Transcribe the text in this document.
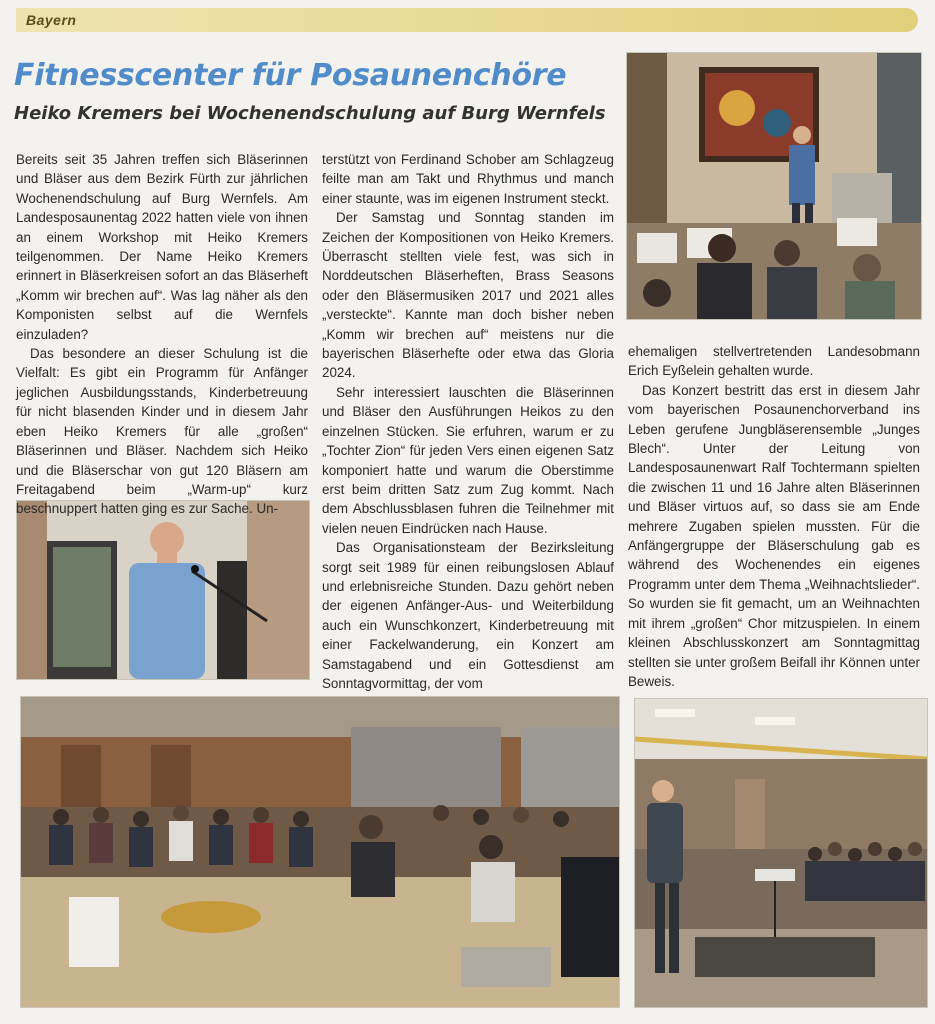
Bayern
Fitnesscenter für Posaunenchöre
Heiko Kremers bei Wochenendschulung auf Burg Wernfels

Bereits seit 35 Jahren treffen sich Bläserinnen und Bläser aus dem Bezirk Fürth zur jährlichen Wochenendschulung auf Burg Wernfels. Am Landesposaunentag 2022 hatten viele von ihnen an einem Workshop mit Heiko Kremers teilgenommen. Der Name Heiko Kremers erinnert in Bläserkreisen sofort an das Bläserheft „Komm wir brechen auf“. Was lag näher als den Komponisten selbst auf die Wernfels einzuladen?

Das besondere an dieser Schulung ist die Vielfalt: Es gibt ein Programm für Anfänger jeglichen Ausbildungsstands, Kinderbetreuung für nicht blasenden Kinder und in diesem Jahr eben Heiko Kremers für alle „großen“ Bläserinnen und Bläser. Nachdem sich Heiko und die Bläserschar von gut 120 Bläsern am Freitagabend beim „Warm-up“ kurz beschnuppert hatten ging es zur Sache. Un-

terstützt von Ferdinand Schober am Schlagzeug feilte man am Takt und Rhythmus und manch einer staunte, was im eigenen Instrument steckt.

Der Samstag und Sonntag standen im Zeichen der Kompositionen von Heiko Kremers. Überrascht stellten viele fest, was sich in Norddeutschen Bläserheften, Brass Seasons oder den Bläsermusiken 2017 und 2021 alles „versteckte“. Kannte man doch bisher neben „Komm wir brechen auf“ meistens nur die bayerischen Bläserhefte oder etwa das Gloria 2024.

Sehr interessiert lauschten die Bläserinnen und Bläser den Ausführungen Heikos zu den einzelnen Stücken. Sie erfuhren, warum er zu „Tochter Zion“ für jeden Vers einen eigenen Satz komponiert hatte und warum die Oberstimme erst beim dritten Satz zum Zug kommt. Nach dem Abschlussblasen fuhren die Teilnehmer mit vielen neuen Eindrücken nach Hause.

Das Organisationsteam der Bezirksleitung sorgt seit 1989 für einen reibungslosen Ablauf und erlebnisreiche Stunden. Dazu gehört neben der eigenen Anfänger-Aus- und Weiterbildung auch ein Wunschkonzert, Kinderbetreuung mit einer Fackelwanderung, ein Konzert am Samstagabend und ein Gottesdienst am Sonntagvormittag, der vom

ehemaligen stellvertretenden Landesobmann Erich Eyßelein gehalten wurde.

Das Konzert bestritt das erst in diesem Jahr vom bayerischen Posaunenchorverband ins Leben gerufene Jungbläserensemble „Junges Blech“. Unter der Leitung von Landesposaunenwart Ralf Tochtermann spielten die zwischen 11 und 16 Jahre alten Bläserinnen und Bläser virtuos auf, so dass sie am Ende mehrere Zugaben spielen mussten. Für die Anfängergruppe der Bläserschulung gab es während des Wochenendes ein eigenes Programm unter dem Thema „Weihnachtslieder“. So wurden sie fit gemacht, um an Weihnachten mit ihrem „großen“ Chor mitzuspielen. In einem kleinen Abschlusskonzert am Sonntagmittag stellten sie unter großem Beifall ihr Können unter Beweis.
